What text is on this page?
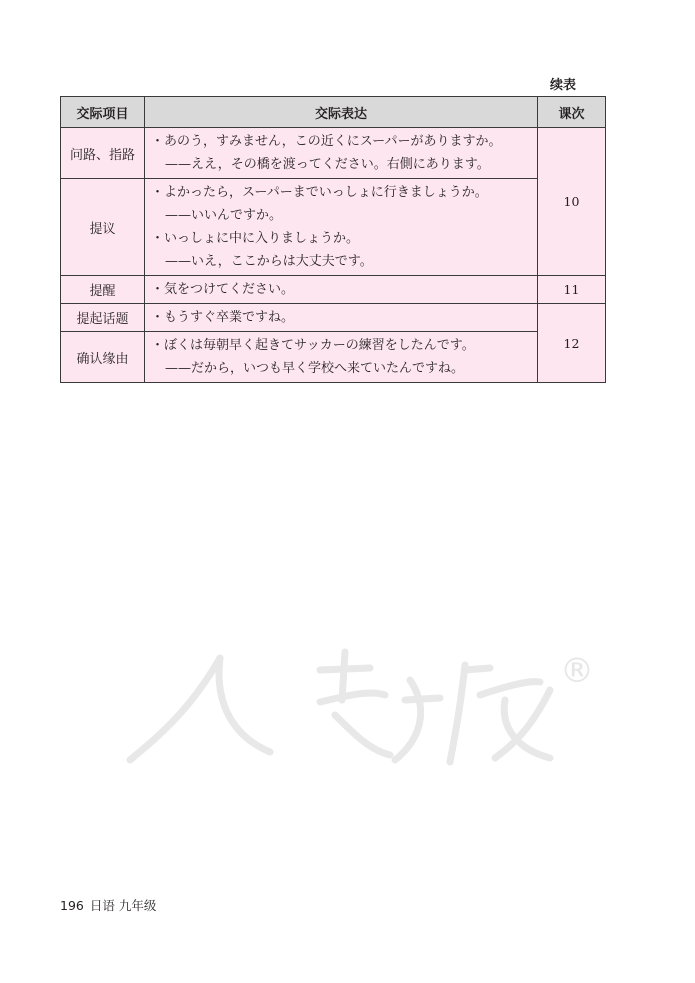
续表
交际项目	交际表达	课次
问路、指路	・あのう，すみません，この近くにスーパーがありますか。
——ええ，その橋を渡ってください。右側にあります。	10
提议	・よかったら，スーパーまでいっしょに行きましょうか。
——いいんですか。
・いっしょに中に入りましょうか。
——いえ，ここからは大丈夫です。	

提醒	・気をつけてください。	11
提起话题	・もうすぐ卒業ですね。	12
确认缘由	・ぼくは毎朝早く起きてサッカーの練習をしたんです。
——だから，いつも早く学校へ来ていたんですね。	
®
196 日语 九年级
